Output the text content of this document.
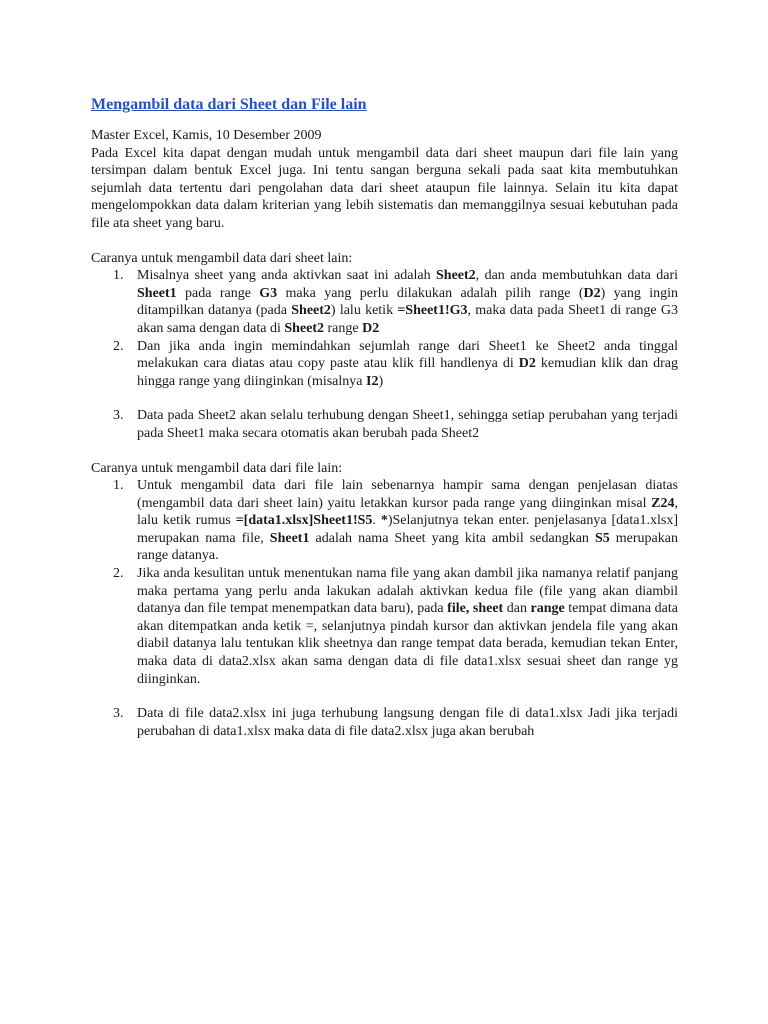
Mengambil data dari Sheet dan File lain

Master Excel, Kamis, 10 Desember 2009

Pada Excel kita dapat dengan mudah untuk mengambil data dari sheet maupun dari file lain yang tersimpan dalam bentuk Excel juga. Ini tentu sangan berguna sekali pada saat kita membutuhkan sejumlah data tertentu dari pengolahan data dari sheet ataupun file lainnya. Selain itu kita dapat mengelompokkan data dalam kriterian yang lebih sistematis dan memanggilnya sesuai kebutuhan pada file ata sheet yang baru.

Caranya untuk mengambil data dari sheet lain:

1. Misalnya sheet yang anda aktivkan saat ini adalah Sheet2, dan anda membutuhkan data dari Sheet1 pada range G3 maka yang perlu dilakukan adalah pilih range (D2) yang ingin ditampilkan datanya (pada Sheet2) lalu ketik =Sheet1!G3, maka data pada Sheet1 di range G3 akan sama dengan data di Sheet2 range D2
2. Dan jika anda ingin memindahkan sejumlah range dari Sheet1 ke Sheet2 anda tinggal melakukan cara diatas atau copy paste atau klik fill handlenya di D2 kemudian klik dan drag hingga range yang diinginkan (misalnya I2)
3. Data pada Sheet2 akan selalu terhubung dengan Sheet1, sehingga setiap perubahan yang terjadi pada Sheet1 maka secara otomatis akan berubah pada Sheet2

Caranya untuk mengambil data dari file lain:

1. Untuk mengambil data dari file lain sebenarnya hampir sama dengan penjelasan diatas (mengambil data dari sheet lain) yaitu letakkan kursor pada range yang diinginkan misal Z24, lalu ketik rumus =[data1.xlsx]Sheet1!S5. *)Selanjutnya tekan enter. penjelasanya [data1.xlsx] merupakan nama file, Sheet1 adalah nama Sheet yang kita ambil sedangkan S5 merupakan range datanya.
2. Jika anda kesulitan untuk menentukan nama file yang akan dambil jika namanya relatif panjang maka pertama yang perlu anda lakukan adalah aktivkan kedua file (file yang akan diambil datanya dan file tempat menempatkan data baru), pada file, sheet dan range tempat dimana data akan ditempatkan anda ketik =, selanjutnya pindah kursor dan aktivkan jendela file yang akan diabil datanya lalu tentukan klik sheetnya dan range tempat data berada, kemudian tekan Enter, maka data di data2.xlsx akan sama dengan data di file data1.xlsx sesuai sheet dan range yg diinginkan.
3. Data di file data2.xlsx ini juga terhubung langsung dengan file di data1.xlsx Jadi jika terjadi perubahan di data1.xlsx maka data di file data2.xlsx juga akan berubah
